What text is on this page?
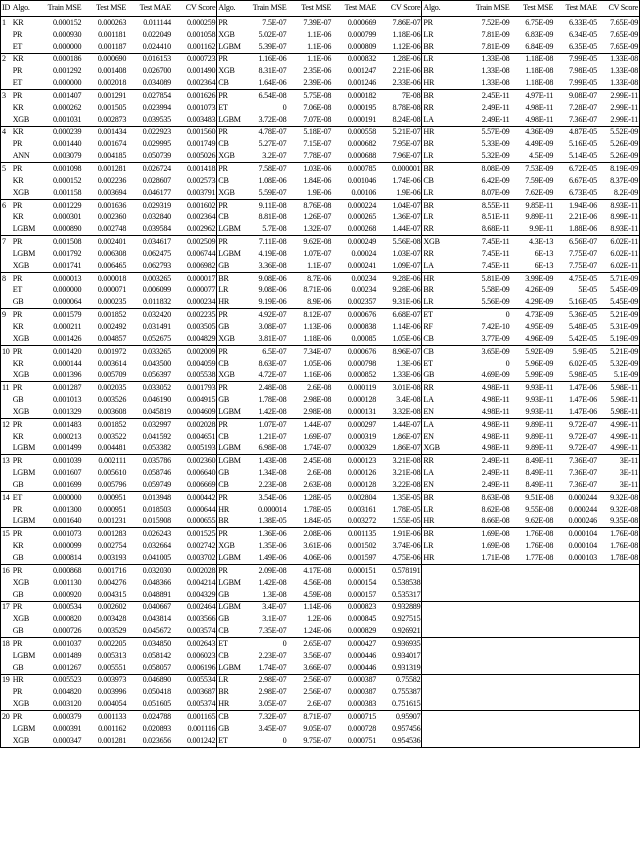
ID	Algo.	Train MSE	Test MSE	Test MAE	CV Score	Algo.	Train MSE	Test MSE	Test MAE	CV Score	Algo.	Train MSE	Test MSE	Test MAE	CV Score
1	KR	0.000152	0.000263	0.011144	0.000259	PR	7.5E-07	7.39E-07	0.000669	7.86E-07	PR	7.52E-09	6.75E-09	6.33E-05	7.65E-09
	PR	0.000930	0.001181	0.022049	0.001058	XGB	5.02E-07	1.1E-06	0.000799	1.18E-06	LR	7.81E-09	6.83E-09	6.34E-05	7.65E-09
	ET	0.000000	0.001187	0.024410	0.001162	LGBM	5.39E-07	1.1E-06	0.000809	1.12E-06	BR	7.81E-09	6.84E-09	6.35E-05	7.65E-09
2	KR	0.000186	0.000690	0.016153	0.000723	PR	1.16E-06	1.1E-06	0.000832	1.28E-06	LR	1.33E-08	1.18E-08	7.99E-05	1.33E-08
	PR	0.001292	0.001408	0.026700	0.001490	XGB	8.31E-07	2.35E-06	0.001247	2.21E-06	BR	1.33E-08	1.18E-08	7.98E-05	1.33E-08
	ET	0.000000	0.002018	0.034089	0.002364	CB	1.64E-06	2.39E-06	0.001246	2.33E-06	HR	1.33E-08	1.18E-08	7.99E-05	1.33E-08
3	PR	0.001407	0.001291	0.027854	0.001626	PR	6.54E-08	5.75E-08	0.000182	7E-08	BR	2.45E-11	4.97E-11	9.08E-07	2.99E-11
	KR	0.000262	0.001505	0.023994	0.001073	ET	0	7.06E-08	0.000195	8.78E-08	RR	2.49E-11	4.98E-11	7.28E-07	2.99E-11
	XGB	0.001031	0.002873	0.039535	0.003483	LGBM	3.72E-08	7.07E-08	0.000191	8.24E-08	LA	2.49E-11	4.98E-11	7.36E-07	2.99E-11
4	KR	0.000239	0.001434	0.022923	0.001560	PR	4.78E-07	5.18E-07	0.000558	5.21E-07	HR	5.57E-09	4.36E-09	4.87E-05	5.52E-09
	PR	0.001440	0.001674	0.029995	0.001749	CB	5.27E-07	7.15E-07	0.000682	7.95E-07	BR	5.33E-09	4.49E-09	5.16E-05	5.26E-09
	ANN	0.003079	0.004185	0.050739	0.005026	XGB	3.2E-07	7.78E-07	0.000688	7.96E-07	LR	5.32E-09	4.5E-09	5.14E-05	5.26E-09
5	PR	0.001098	0.001281	0.026724	0.001418	PR	7.58E-07	1.03E-06	0.000785	0.000001	BR	8.08E-09	7.53E-09	6.72E-05	8.19E-09
	KR	0.000152	0.002236	0.028607	0.002573	CB	1.08E-06	1.84E-06	0.001046	1.74E-06	CB	6.42E-09	7.59E-09	6.67E-05	8.37E-09
	XGB	0.001158	0.003694	0.046177	0.003791	XGB	5.59E-07	1.9E-06	0.00106	1.9E-06	LR	8.07E-09	7.62E-09	6.73E-05	8.2E-09
6	PR	0.001229	0.001636	0.029319	0.001602	PR	9.11E-08	8.76E-08	0.000224	1.04E-07	BR	8.55E-11	9.85E-11	1.94E-06	8.93E-11
	KR	0.000301	0.002360	0.032840	0.002364	CB	8.81E-08	1.26E-07	0.000265	1.36E-07	LR	8.51E-11	9.89E-11	2.21E-06	8.99E-11
	LGBM	0.000890	0.002748	0.039584	0.002962	LGBM	5.7E-08	1.32E-07	0.000268	1.44E-07	RR	8.68E-11	9.9E-11	1.88E-06	8.93E-11
7	PR	0.001508	0.002401	0.034617	0.002509	PR	7.11E-08	9.62E-08	0.000249	5.56E-08	XGB	7.45E-11	4.3E-13	6.56E-07	6.02E-11
	LGBM	0.001792	0.006308	0.062475	0.006744	LGBM	4.19E-08	1.07E-07	0.00024	1.03E-07	RR	7.45E-11	6E-13	7.75E-07	6.02E-11
	XGB	0.001741	0.006465	0.062793	0.006982	GB	3.36E-08	1.1E-07	0.000241	1.09E-07	LA	7.45E-11	6E-13	7.75E-07	6.02E-11
8	PR	0.000013	0.000018	0.003265	0.000017	BR	9.08E-06	8.7E-06	0.00234	9.28E-06	HR	5.81E-09	3.99E-09	4.75E-05	5.71E-09
	ET	0.000000	0.000071	0.006099	0.000077	LR	9.08E-06	8.71E-06	0.00234	9.28E-06	BR	5.58E-09	4.26E-09	5E-05	5.45E-09
	GB	0.000064	0.000235	0.011832	0.000234	HR	9.19E-06	8.9E-06	0.002357	9.31E-06	LR	5.56E-09	4.29E-09	5.16E-05	5.45E-09
9	PR	0.001579	0.001852	0.032420	0.002235	PR	4.92E-07	8.12E-07	0.000676	6.68E-07	ET	0	4.73E-09	5.36E-05	5.21E-09
	KR	0.000211	0.002492	0.031491	0.003505	GB	3.08E-07	1.13E-06	0.000838	1.14E-06	RF	7.42E-10	4.95E-09	5.48E-05	5.31E-09
	XGB	0.001426	0.004857	0.052675	0.004829	XGB	3.81E-07	1.18E-06	0.00085	1.05E-06	CB	3.77E-09	4.96E-09	5.42E-05	5.19E-09
10	PR	0.001420	0.001972	0.033265	0.002009	PR	6.5E-07	7.34E-07	0.000676	8.96E-07	CB	3.65E-09	5.92E-09	5.9E-05	5.21E-09
	KR	0.000144	0.003614	0.043500	0.004059	CB	8.63E-07	1.05E-06	0.000798	1.3E-06	ET	0	5.96E-09	6.02E-05	5.32E-09
	XGB	0.001396	0.005709	0.056397	0.005538	XGB	4.72E-07	1.16E-06	0.000852	1.33E-06	GB	4.69E-09	5.99E-09	5.98E-05	5.1E-09
11	PR	0.001287	0.002035	0.033052	0.001793	PR	2.48E-08	2.6E-08	0.000119	3.01E-08	RR	4.98E-11	9.93E-11	1.47E-06	5.98E-11
	GB	0.001013	0.003526	0.046190	0.004915	GB	1.78E-08	2.98E-08	0.000128	3.4E-08	LA	4.98E-11	9.93E-11	1.47E-06	5.98E-11
	XGB	0.001329	0.003608	0.045819	0.004609	LGBM	1.42E-08	2.98E-08	0.000131	3.32E-08	EN	4.98E-11	9.93E-11	1.47E-06	5.98E-11
12	PR	0.001483	0.001852	0.032997	0.002028	PR	1.07E-07	1.44E-07	0.000297	1.44E-07	LA	4.98E-11	9.89E-11	9.72E-07	4.99E-11
	KR	0.000213	0.003522	0.041592	0.004651	CB	1.21E-07	1.69E-07	0.000319	1.86E-07	EN	4.98E-11	9.89E-11	9.72E-07	4.99E-11
	LGBM	0.001499	0.004481	0.053382	0.005193	LGBM	6.98E-08	1.74E-07	0.000329	1.86E-07	XGB	4.98E-11	9.89E-11	9.72E-07	4.99E-11
13	PR	0.001039	0.002111	0.035786	0.002360	LGBM	1.43E-08	2.45E-08	0.000123	3.21E-08	RR	2.49E-11	8.49E-11	7.36E-07	3E-11
	LGBM	0.001607	0.005610	0.058746	0.006640	GB	1.34E-08	2.6E-08	0.000126	3.21E-08	LA	2.49E-11	8.49E-11	7.36E-07	3E-11
	GB	0.001699	0.005796	0.059749	0.006669	CB	2.23E-08	2.63E-08	0.000128	3.22E-08	EN	2.49E-11	8.49E-11	7.36E-07	3E-11
14	ET	0.000000	0.000951	0.013948	0.000442	PR	3.54E-06	1.28E-05	0.002804	1.35E-05	BR	8.63E-08	9.51E-08	0.000244	9.32E-08
	PR	0.001300	0.000951	0.018503	0.000644	HR	0.000014	1.78E-05	0.003161	1.78E-05	LR	8.62E-08	9.55E-08	0.000244	9.32E-08
	LGBM	0.001640	0.001231	0.015908	0.000655	BR	1.38E-05	1.84E-05	0.003272	1.55E-05	HR	8.66E-08	9.62E-08	0.000246	9.35E-08
15	PR	0.001073	0.001283	0.026243	0.001525	PR	1.36E-06	2.08E-06	0.001135	1.91E-06	BR	1.69E-08	1.76E-08	0.000104	1.76E-08
	KR	0.000099	0.002754	0.032664	0.002742	XGB	1.35E-06	3.61E-06	0.001502	3.74E-06	LR	1.69E-08	1.76E-08	0.000104	1.76E-08
	GB	0.000814	0.003193	0.041005	0.003702	LGBM	1.49E-06	4.06E-06	0.001597	4.75E-06	HR	1.71E-08	1.77E-08	0.000103	1.78E-08
16	PR	0.000868	0.001716	0.032030	0.002028	PR	2.09E-08	4.17E-08	0.000151	0.578191					
	XGB	0.001130	0.004276	0.048366	0.004214	LGBM	1.42E-08	4.56E-08	0.000154	0.538538					
	GB	0.000920	0.004315	0.048891	0.004329	GB	1.3E-08	4.59E-08	0.000157	0.535317					
17	PR	0.000534	0.002602	0.040667	0.002464	LGBM	3.4E-07	1.14E-06	0.000823	0.932889					
	XGB	0.000820	0.003428	0.043814	0.003566	GB	3.1E-07	1.2E-06	0.000845	0.927515					
	GB	0.000726	0.003529	0.045672	0.003574	CB	7.35E-07	1.24E-06	0.000829	0.926921					
18	PR	0.001037	0.002205	0.034850	0.002643	ET	0	2.65E-07	0.000427	0.936935					
	LGBM	0.001489	0.005313	0.058142	0.006023	CB	2.23E-07	3.56E-07	0.000446	0.934017					
	GB	0.001267	0.005551	0.058057	0.006196	LGBM	1.74E-07	3.66E-07	0.000446	0.931319					
19	HR	0.005523	0.003973	0.046890	0.005534	LR	2.98E-07	2.56E-07	0.000387	0.75582					
	PR	0.004820	0.003996	0.050418	0.003687	BR	2.98E-07	2.56E-07	0.000387	0.755387					
	XGB	0.003120	0.004054	0.051605	0.005374	HR	3.05E-07	2.6E-07	0.000383	0.751615					
20	PR	0.000379	0.001133	0.024788	0.001165	CB	7.32E-07	8.71E-07	0.000715	0.95907					
	LGBM	0.000391	0.001162	0.020893	0.001116	GB	3.45E-07	9.05E-07	0.000728	0.957456					
	XGB	0.000347	0.001281	0.023656	0.001242	ET	0	9.75E-07	0.000751	0.954536					
